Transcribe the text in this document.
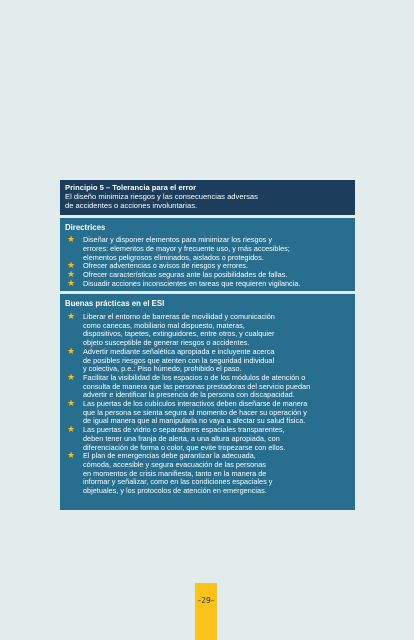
Principio 5 – Tolerancia para el error
El diseño minimiza riesgos y las consecuencias adversas
de accidentes o acciones involuntarias.
Directrices
★ Diseñar y disponer elementos para minimizar los riesgos y
errores: elementos de mayor y frecuente uso, y más accesibles;
elementos peligrosos eliminados, aislados o protegidos.
★ Ofrecer advertencias o avisos de riesgos y errores.
★ Ofrecer características seguras ante las posibilidades de fallas.
★ Disuadir acciones inconscientes en tareas que requieren vigilancia.
Buenas prácticas en el ESI
★ Liberar el entorno de barreras de movilidad y comunicación
como canecas, mobiliario mal dispuesto, materas,
dispositivos, tapetes, extinguidores, entre otros, y cualquier
objeto susceptible de generar riesgos o accidentes.
★ Advertir mediante señalética apropiada e incluyente acerca
de posibles riesgos que atenten con la seguridad individual
y colectiva, p.e.: Piso húmedo, prohibido el paso.
★ Facilitar la visibilidad de los espacios o de los módulos de atención o
consulta de manera que las personas prestadoras del servicio puedan
advertir e identificar la presencia de la persona con discapacidad.
★ Las puertas de los cubículos interactivos deben diseñarse de manera
que la persona se sienta segura al momento de hacer su operación y
de igual manera que al manipularla no vaya a afectar su salud física.
★ Las puertas de vidrio o separadores espaciales transparentes,
deben tener una franja de alerta, a una altura apropiada, con
diferenciación de forma o color, que evite tropezarse con ellos.
★ El plan de emergencias debe garantizar la adecuada,
cómoda, accesible y segura evacuación de las personas
en momentos de crisis manifiesta, tanto en la manera de
informar y señalizar, como en las condiciones espaciales y
objetuales, y los protocolos de atención en emergencias.
–29–
